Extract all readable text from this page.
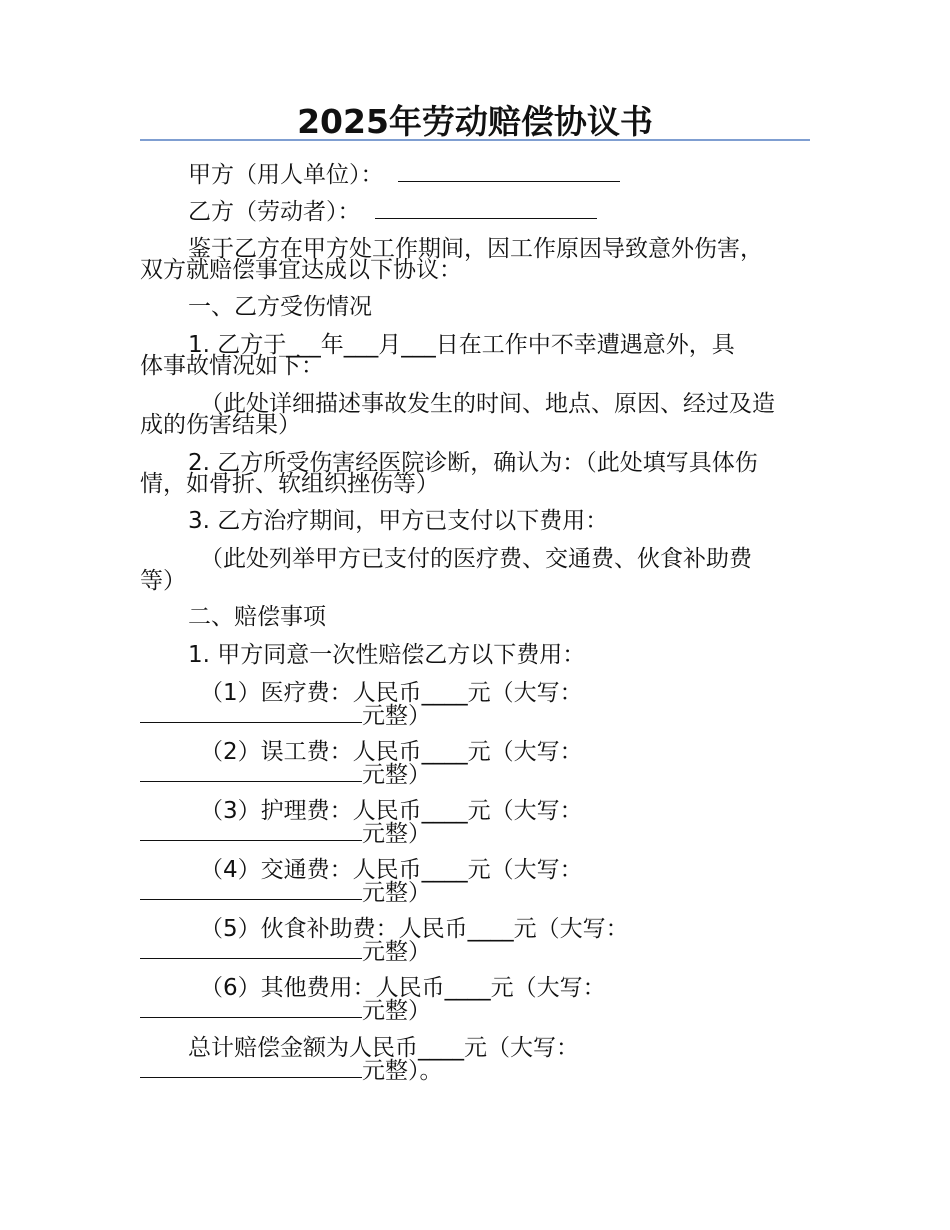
2025年劳动赔偿协议书
甲方（用人单位）：
乙方（劳动者）：
鉴于乙方在甲方处工作期间，因工作原因导致意外伤害，
双方就赔偿事宜达成以下协议：
一、乙方受伤情况
1. 乙方于___年___月___日在工作中不幸遭遇意外，具
体事故情况如下：
（此处详细描述事故发生的时间、地点、原因、经过及造
成的伤害结果）
2. 乙方所受伤害经医院诊断，确认为：（此处填写具体伤
情，如骨折、软组织挫伤等）
3. 乙方治疗期间，甲方已支付以下费用：
（此处列举甲方已支付的医疗费、交通费、伙食补助费
等）
二、赔偿事项
1. 甲方同意一次性赔偿乙方以下费用：
（1）医疗费：人民币____元（大写：
元整）
（2）误工费：人民币____元（大写：
元整）
（3）护理费：人民币____元（大写：
元整）
（4）交通费：人民币____元（大写：
元整）
（5）伙食补助费：人民币____元（大写：
元整）
（6）其他费用：人民币____元（大写：
元整）
总计赔偿金额为人民币____元（大写：
元整）。
